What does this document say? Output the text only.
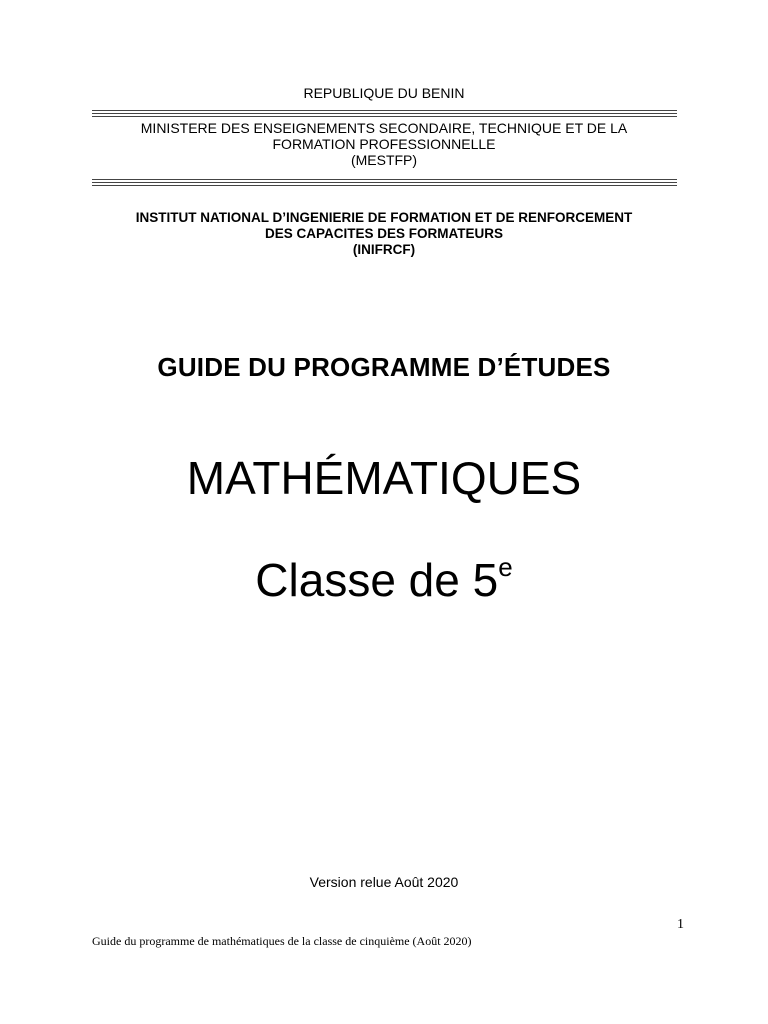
REPUBLIQUE DU BENIN
MINISTERE DES ENSEIGNEMENTS SECONDAIRE, TECHNIQUE ET DE LA
FORMATION PROFESSIONNELLE
(MESTFP)
INSTITUT NATIONAL D’INGENIERIE DE FORMATION ET DE RENFORCEMENT
DES CAPACITES DES FORMATEURS
(INIFRCF)
GUIDE DU PROGRAMME D’ÉTUDES
MATHÉMATIQUES
Classe de 5e
Version relue Août 2020
1
Guide du programme de mathématiques de la classe de cinquième (Août 2020)
